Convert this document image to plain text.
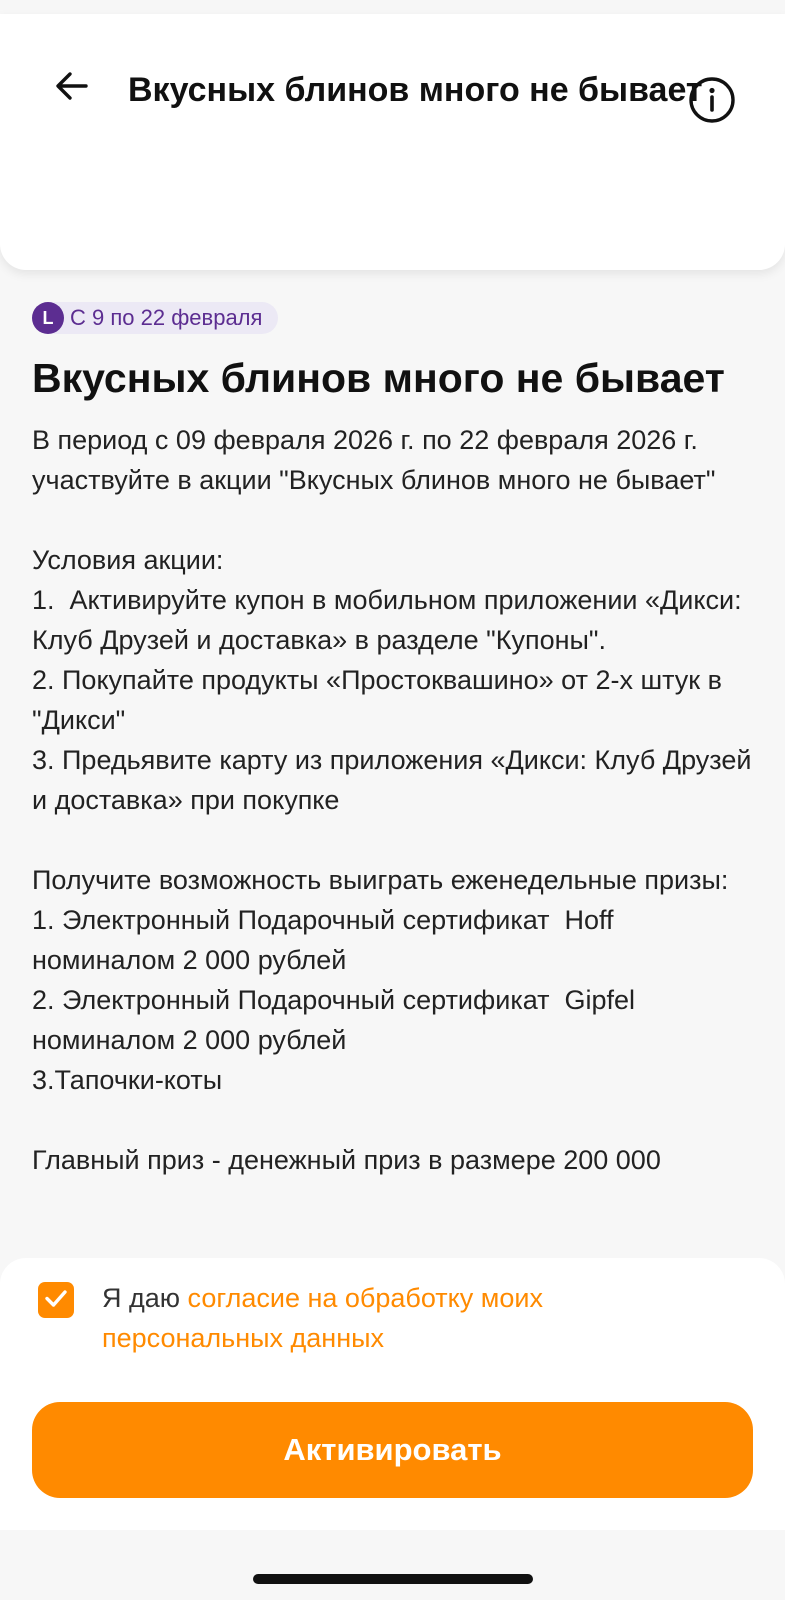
Вкусных блинов много не бывает
L С 9 по 22 февраля
Вкусных блинов много не бывает
В период с 09 февраля 2026 г. по 22 февраля 2026 г. участвуйте в акции "Вкусных блинов много не бывает"

Условия акции:
1.  Активируйте купон в мобильном приложении «Дикси: Клуб Друзей и доставка» в разделе "Купоны".
2. Покупайте продукты «Простоквашино» от 2-х штук в "Дикси"
3. Предьявите карту из приложения «Дикси: Клуб Друзей и доставка» при покупке

Получите возможность выиграть еженедельные призы:
1. Электронный Подарочный сертификат  Hoff номиналом 2 000 рублей
2. Электронный Подарочный сертификат  Gipfel номиналом 2 000 рублей
3.Тапочки-коты

Главный приз - денежный приз в размере 200 000
Я даю согласие на обработку моих персональных данных
Активировать
